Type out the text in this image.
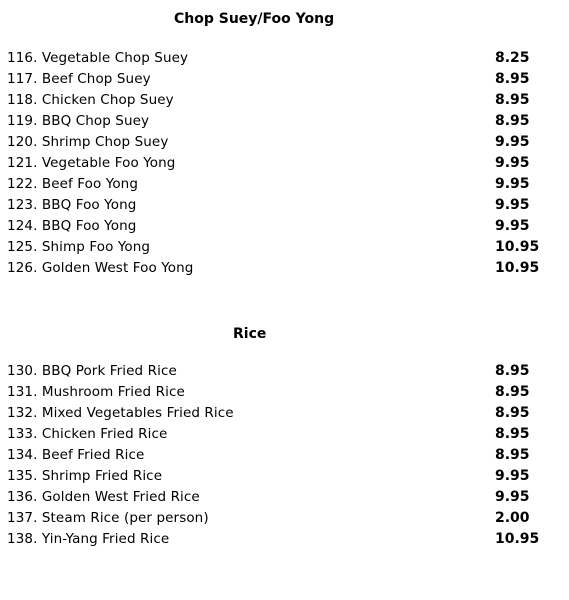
Chop Suey/Foo Yong
116. Vegetable Chop Suey	8.25
117. Beef Chop Suey	8.95
118. Chicken Chop Suey	8.95
119. BBQ Chop Suey	8.95
120. Shrimp Chop Suey	9.95
121. Vegetable Foo Yong	9.95
122. Beef Foo Yong	9.95
123. BBQ Foo Yong	9.95
124. BBQ Foo Yong	9.95
125. Shimp Foo Yong	10.95
126. Golden West Foo Yong	10.95
Rice
130. BBQ Pork Fried Rice	8.95
131. Mushroom Fried Rice	8.95
132. Mixed Vegetables Fried Rice	8.95
133. Chicken Fried Rice	8.95
134. Beef Fried Rice	8.95
135. Shrimp Fried Rice	9.95
136. Golden West Fried Rice	9.95
137. Steam Rice (per person)	2.00
138. Yin-Yang Fried Rice	10.95
